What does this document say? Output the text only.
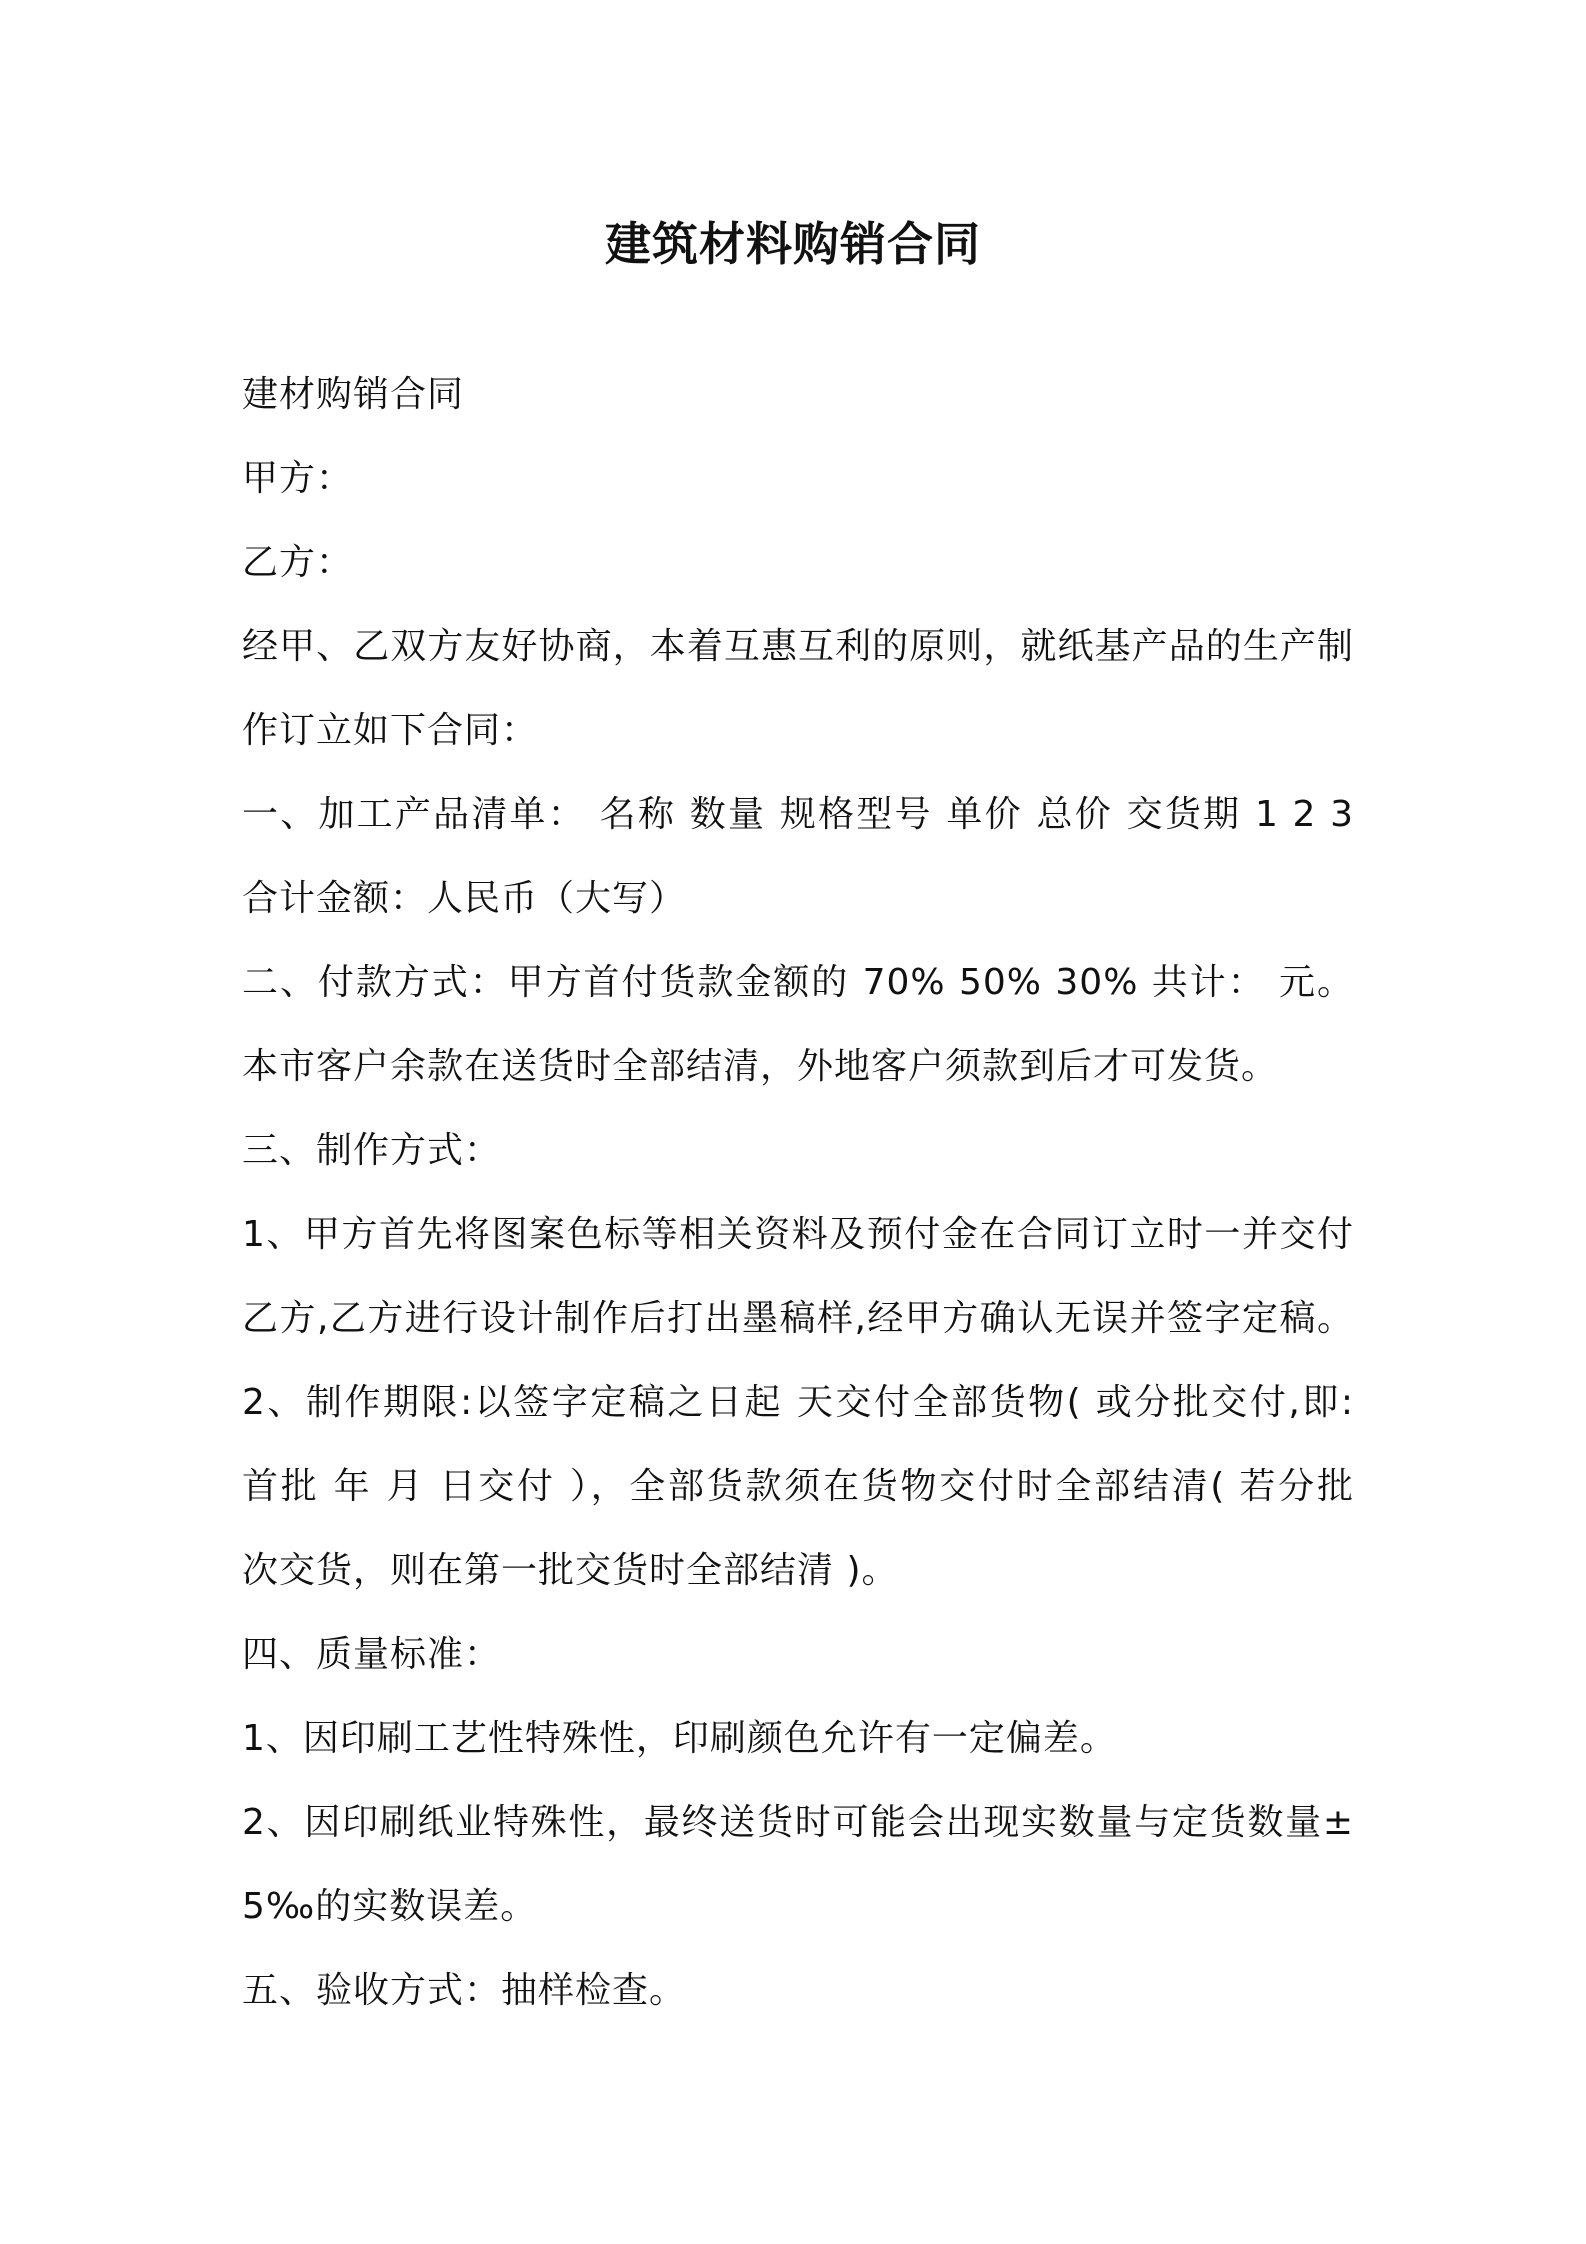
建筑材料购销合同
建材购销合同
甲方：
乙方：
经甲、乙双方友好协商，本着互惠互利的原则，就纸基产品的生产制
作订立如下合同：
一、加工产品清单： 名称 数量 规格型号 单价 总价 交货期 1 2 3
合计金额：人民币（大写）
二、付款方式：甲方首付货款金额的 70% 50% 30% 共计： 元。
本市客户余款在送货时全部结清，外地客户须款到后才可发货。
三、制作方式：
1、甲方首先将图案色标等相关资料及预付金在合同订立时一并交付
乙方,乙方进行设计制作后打出墨稿样,经甲方确认无误并签字定稿。
2、制作期限:以签字定稿之日起 天交付全部货物( 或分批交付,即:
首批 年 月 日交付 ），全部货款须在货物交付时全部结清( 若分批
次交货，则在第一批交货时全部结清 )。
四、质量标准：
1、因印刷工艺性特殊性，印刷颜色允许有一定偏差。
2、因印刷纸业特殊性，最终送货时可能会出现实数量与定货数量±
5‰的实数误差。
五、验收方式：抽样检查。
